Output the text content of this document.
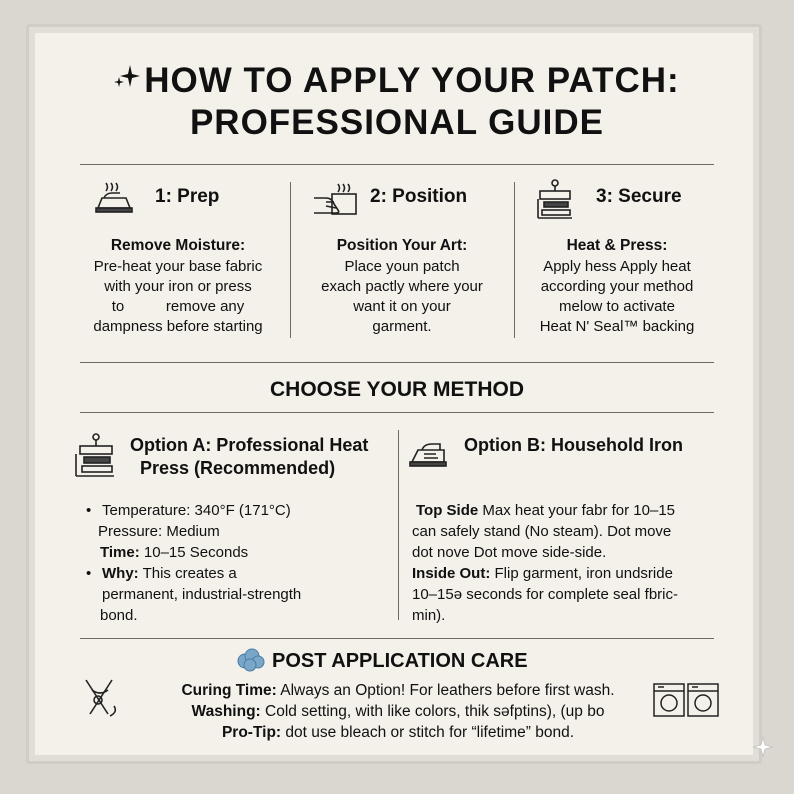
HOW TO APPLY YOUR PATCH:
PROFESSIONAL GUIDE
1: Prep
Remove Moisture:
Pre-heat your base fabric
with your iron or press
to          remove any
dampness before starting
2: Position
Position Your Art:
Place youn patch
exach pactly where your
want it on your
garment.
3: Secure
Heat & Press:
Apply hess Apply heat
according your method
melow to activate
Heat N' Seal™ backing
CHOOSE YOUR METHOD
Option A: Professional Heat
Press (Recommended)
• Temperature: 340°F (171°C)
Pressure: Medium
Time: 10–15 Seconds
• Why: This creates a
permanent, industrial-strength
bond.
Option B: Household Iron
Top Side Max heat your fabr for 10–15
can safely stand (No steam). Dot move
dot nove Dot move side-side.
Inside Out: Flip garment, iron undsride
10–15ə seconds for complete seal fbric-
min).
POST APPLICATION CARE
Curing Time: Always an Option! For leathers before first wash.
Washing: Cold setting, with like colors, thik səfptins), (up bo
Pro-Tip: dot use bleach or stitch for “lifetime” bond.
